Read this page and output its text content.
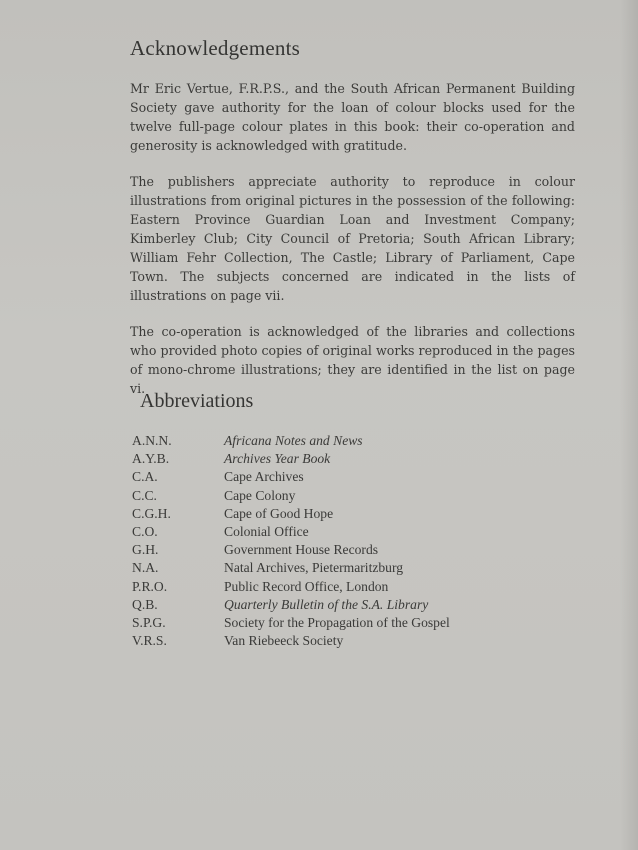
Acknowledgements

Mr Eric Vertue, F.R.P.S., and the South African Permanent Building Society gave authority for the loan of colour blocks used for the twelve full-page colour plates in this book: their co-operation and generosity is acknowledged with gratitude.

The publishers appreciate authority to reproduce in colour illustrations from original pictures in the possession of the following: Eastern Province Guardian Loan and Investment Company; Kimberley Club; City Council of Pretoria; South African Library; William Fehr Collection, The Castle; Library of Parliament, Cape Town. The subjects concerned are indicated in the lists of illustrations on page vii.

The co-operation is acknowledged of the libraries and collections who provided photo copies of original works reproduced in the pages of mono-chrome illustrations; they are identified in the list on page vi.

Abbreviations
A.N.N.	Africana Notes and News
A.Y.B.	Archives Year Book
C.A.	Cape Archives
C.C.	Cape Colony
C.G.H.	Cape of Good Hope
C.O.	Colonial Office
G.H.	Government House Records
N.A.	Natal Archives, Pietermaritzburg
P.R.O.	Public Record Office, London
Q.B.	Quarterly Bulletin of the S.A. Library
S.P.G.	Society for the Propagation of the Gospel
V.R.S.	Van Riebeeck Society
